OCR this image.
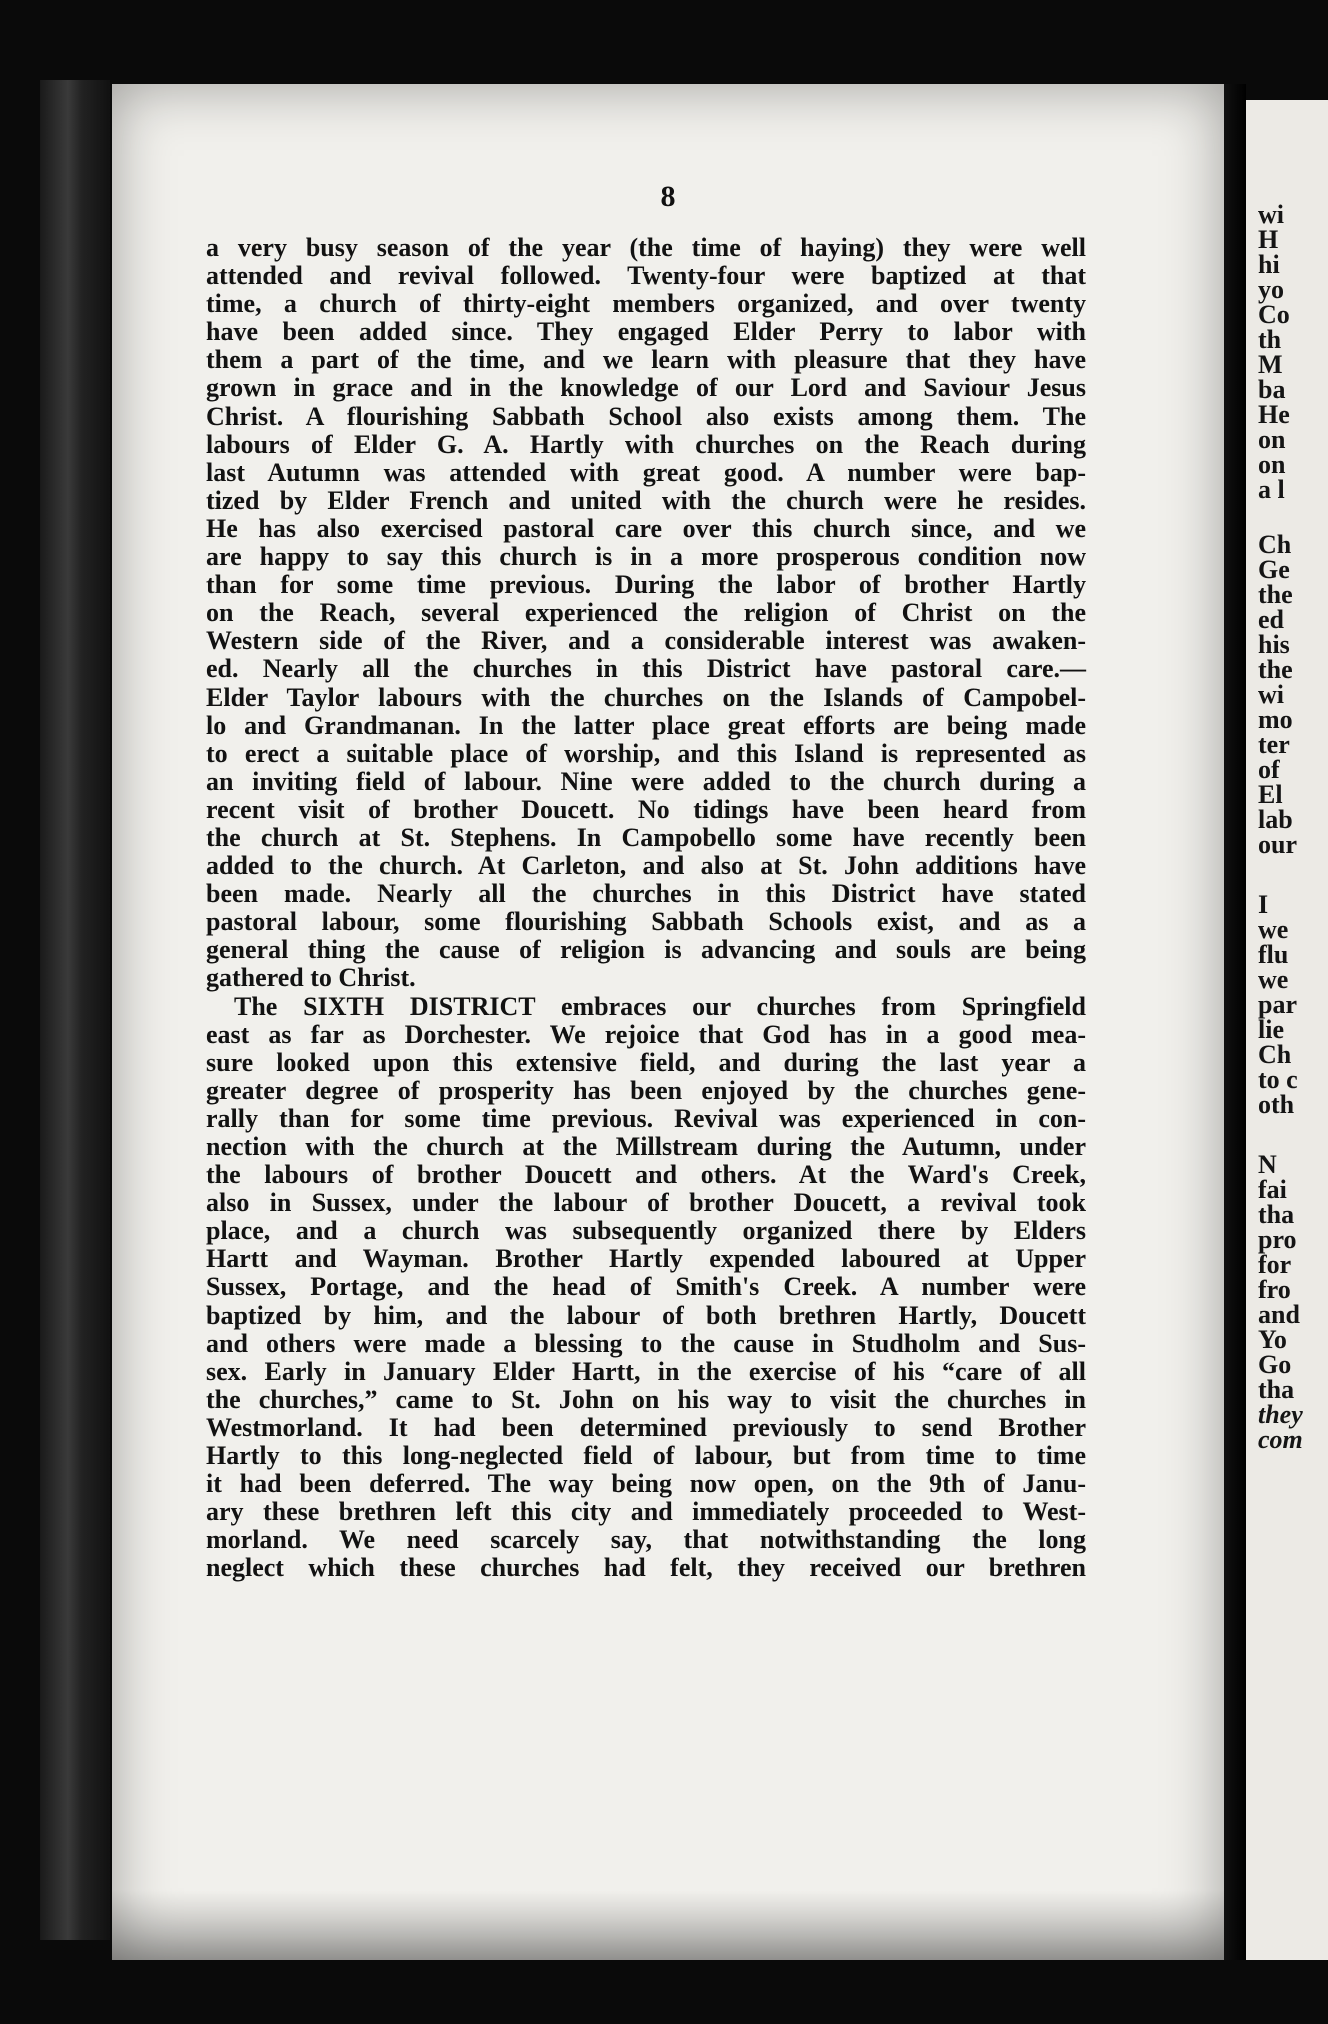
8
a very busy season of the year (the time of haying) they were well
attended and revival followed. Twenty-four were baptized at that
time, a church of thirty-eight members organized, and over twenty
have been added since. They engaged Elder Perry to labor with
them a part of the time, and we learn with pleasure that they have
grown in grace and in the knowledge of our Lord and Saviour Jesus
Christ. A flourishing Sabbath School also exists among them. The
labours of Elder G. A. Hartly with churches on the Reach during
last Autumn was attended with great good. A number were bap-
tized by Elder French and united with the church were he resides.
He has also exercised pastoral care over this church since, and we
are happy to say this church is in a more prosperous condition now
than for some time previous. During the labor of brother Hartly
on the Reach, several experienced the religion of Christ on the
Western side of the River, and a considerable interest was awaken-
ed. Nearly all the churches in this District have pastoral care.—
Elder Taylor labours with the churches on the Islands of Campobel-
lo and Grandmanan. In the latter place great efforts are being made
to erect a suitable place of worship, and this Island is represented as
an inviting field of labour. Nine were added to the church during a
recent visit of brother Doucett. No tidings have been heard from
the church at St. Stephens. In Campobello some have recently been
added to the church. At Carleton, and also at St. John additions have
been made. Nearly all the churches in this District have stated
pastoral labour, some flourishing Sabbath Schools exist, and as a
general thing the cause of religion is advancing and souls are being
gathered to Christ.
The SIXTH DISTRICT embraces our churches from Springfield
east as far as Dorchester. We rejoice that God has in a good mea-
sure looked upon this extensive field, and during the last year a
greater degree of prosperity has been enjoyed by the churches gene-
rally than for some time previous. Revival was experienced in con-
nection with the church at the Millstream during the Autumn, under
the labours of brother Doucett and others. At the Ward's Creek,
also in Sussex, under the labour of brother Doucett, a revival took
place, and a church was subsequently organized there by Elders
Hartt and Wayman. Brother Hartly expended laboured at Upper
Sussex, Portage, and the head of Smith's Creek. A number were
baptized by him, and the labour of both brethren Hartly, Doucett
and others were made a blessing to the cause in Studholm and Sus-
sex. Early in January Elder Hartt, in the exercise of his “care of all
the churches,” came to St. John on his way to visit the churches in
Westmorland. It had been determined previously to send Brother
Hartly to this long-neglected field of labour, but from time to time
it had been deferred. The way being now open, on the 9th of Janu-
ary these brethren left this city and immediately proceeded to West-
morland. We need scarcely say, that notwithstanding the long
neglect which these churches had felt, they received our brethren
wi
H
hi
yo
Co
th
M
ba
He
on
on
a l
Ch
Ge
the
ed
his
the
wi
mo
ter
of
El
lab
our
I
we
flu
we
par
lie
Ch
to c
oth
N
fai
tha
pro
for
fro
and
Yo
Go
tha
they
com
